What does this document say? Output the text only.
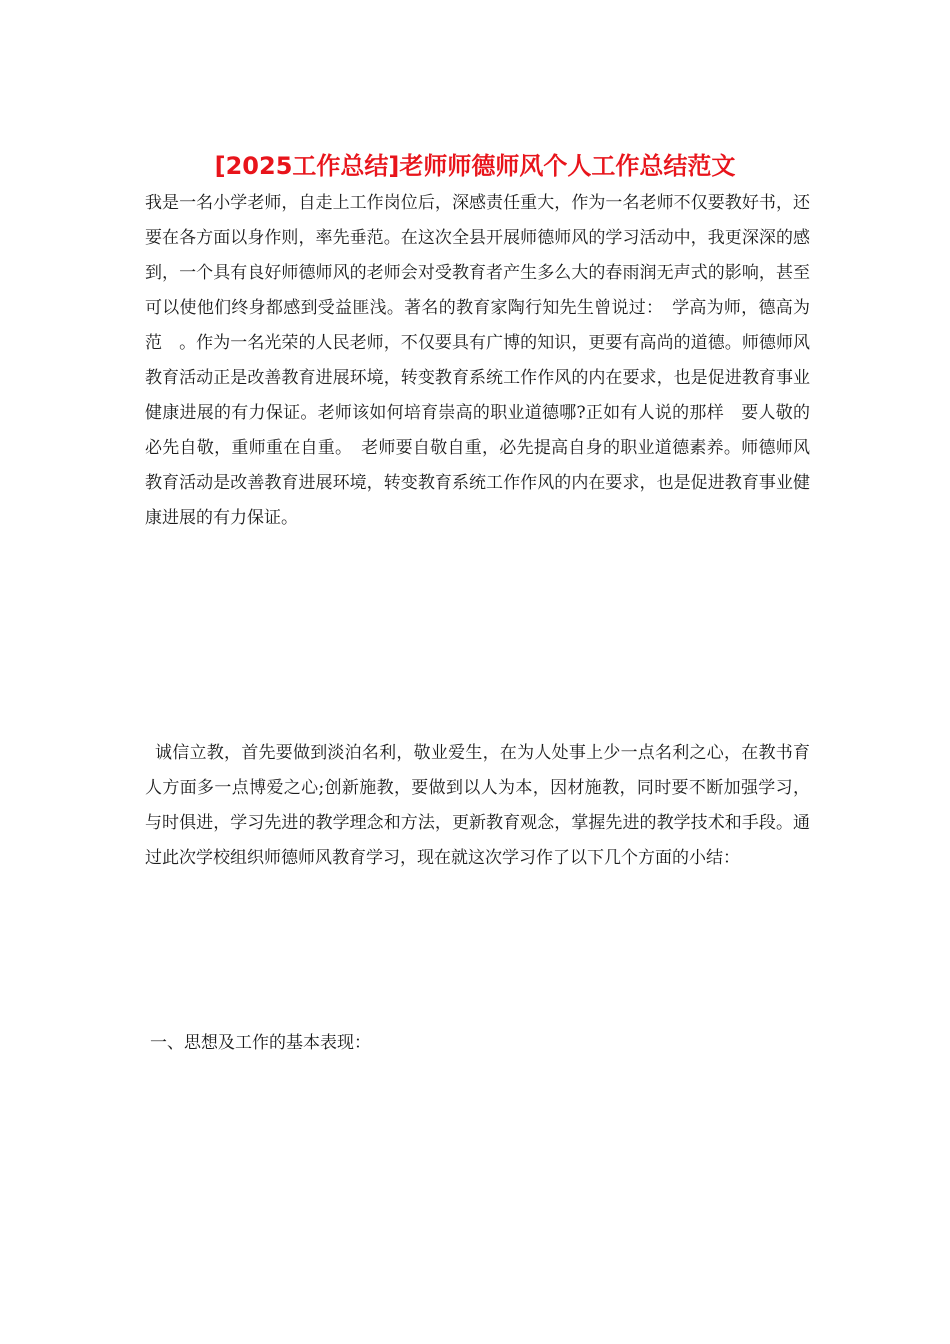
[2025工作总结]老师师德师风个人工作总结范文

我是一名小学老师，自走上工作岗位后，深感责任重大，作为一名老师不仅要教好书，还要在各方面以身作则，率先垂范。在这次全县开展师德师风的学习活动中，我更深深的感到，一个具有良好师德师风的老师会对受教育者产生多么大的春雨润无声式的影响，甚至可以使他们终身都感到受益匪浅。著名的教育家陶行知先生曾说过：　学高为师，德高为范　。作为一名光荣的人民老师，不仅要具有广博的知识，更要有高尚的道德。师德师风教育活动正是改善教育进展环境，转变教育系统工作作风的内在要求，也是促进教育事业健康进展的有力保证。老师该如何培育崇高的职业道德哪?正如有人说的那样　要人敬的必先自敬，重师重在自重。　老师要自敬自重，必先提高自身的职业道德素养。师德师风教育活动是改善教育进展环境，转变教育系统工作作风的内在要求，也是促进教育事业健康进展的有力保证。

诚信立教，首先要做到淡泊名利，敬业爱生，在为人处事上少一点名利之心，在教书育人方面多一点博爱之心;创新施教，要做到以人为本，因材施教，同时要不断加强学习，与时俱进，学习先进的教学理念和方法，更新教育观念，掌握先进的教学技术和手段。通过此次学校组织师德师风教育学习，现在就这次学习作了以下几个方面的小结：

一、思想及工作的基本表现：
